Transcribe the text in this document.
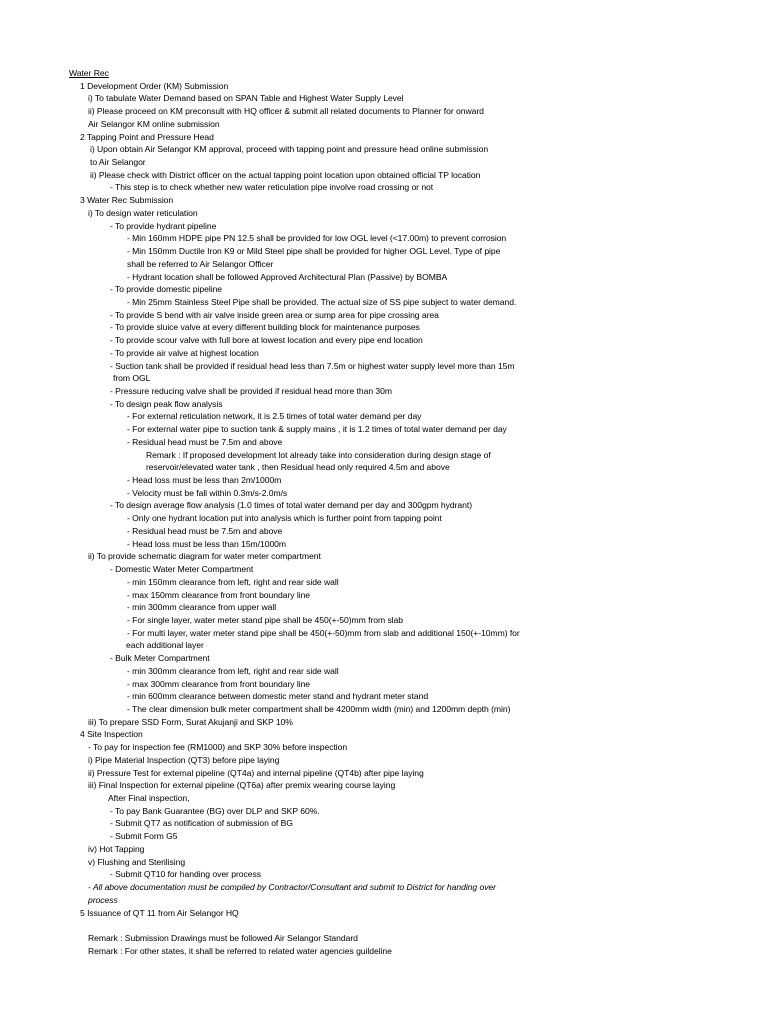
Water Rec
1 Development Order (KM) Submission
i) To tabulate Water Demand based on SPAN Table and Highest Water Supply Level
ii) Please proceed on KM preconsult with HQ officer & submit all related documents to Planner for onward
Air Selangor KM online submission
2 Tapping Point and Pressure Head
i) Upon obtain Air Selangor KM approval, proceed with tapping point and pressure head online submission
to Air Selangor
ii) Please check with District officer on the actual tapping point location upon obtained official TP location
- This step is to check whether new water reticulation pipe involve road crossing or not
3 Water Rec Submission
i) To design water reticulation
- To provide hydrant pipeline
- Min 160mm HDPE pipe PN 12.5 shall be provided for low OGL level (<17.00m) to prevent corrosion
- Min 150mm Ductile Iron K9 or Mild Steel pipe shall be provided for higher OGL Level. Type of pipe
shall be referred to Air Selangor Officer
- Hydrant location shall be followed Approved Architectural Plan (Passive) by BOMBA
- To provide domestic pipeline
- Min 25mm Stainless Steel Pipe shall be provided. The actual size of SS pipe subject to water demand.
- To provide S bend with air valve inside green area or sump area for pipe crossing area
- To provide sluice valve at every different building block for maintenance purposes
- To provide scour valve with full bore at lowest location and every pipe end location
- To provide air valve at highest location
- Suction tank shall be provided if residual head less than 7.5m or highest water supply level more than 15m
from OGL
- Pressure reducing valve shall be provided if residual head more than 30m
- To design peak flow analysis
- For external reticulation network, it is 2.5 times of total water demand per day
- For external water pipe to suction tank & supply mains , it is 1.2 times of total water demand per day
- Residual head must be 7.5m and above
Remark : If proposed development lot already take into consideration during design stage of
reservoir/elevated water tank , then Residual head only required 4.5m and above
- Head loss must be less than 2m/1000m
- Velocity must be fall within 0.3m/s-2.0m/s
- To design average flow analysis (1.0 times of total water demand per day and 300gpm hydrant)
- Only one hydrant location put into analysis which is further point from tapping point
- Residual head must be 7.5m and above
- Head loss must be less than 15m/1000m
ii) To provide schematic diagram for water meter compartment
- Domestic Water Meter Compartment
- min 150mm clearance from left, right and rear side wall
- max 150mm clearance from front boundary line
- min 300mm clearance from upper wall
- For single layer, water meter stand pipe shall be 450(+-50)mm from slab
- For multi layer, water meter stand pipe shall be 450(+-50)mm from slab and additional 150(+-10mm) for
each additional layer
- Bulk Meter Compartment
- min 300mm clearance from left, right and rear side wall
- max 300mm clearance from front boundary line
- min 600mm clearance between domestic meter stand and hydrant meter stand
- The clear dimension bulk meter compartment shall be 4200mm width (min) and 1200mm depth (min)
iii) To prepare SSD Form, Surat Akujanji and SKP 10%
4 Site Inspection
- To pay for inspection fee (RM1000) and SKP 30% before inspection
i) Pipe Material Inspection (QT3) before pipe laying
ii) Pressure Test for external pipeline (QT4a) and internal pipeline (QT4b) after pipe laying
iii) Final Inspection for external pipeline (QT6a) after premix wearing course laying
After Final inspection,
- To pay Bank Guarantee (BG) over DLP and SKP 60%.
- Submit QT7 as notification of submission of BG
- Submit Form G5
iv) Hot Tapping
v) Flushing and Sterilising
- Submit QT10 for handing over process
- All above documentation must be compiled by Contractor/Consultant and submit to District for handing over
process
5 Issuance of QT 11 from Air Selangor HQ
Remark : Submission Drawings must be followed Air Selangor Standard
Remark : For other states, it shall be referred to related water agencies guildeline
